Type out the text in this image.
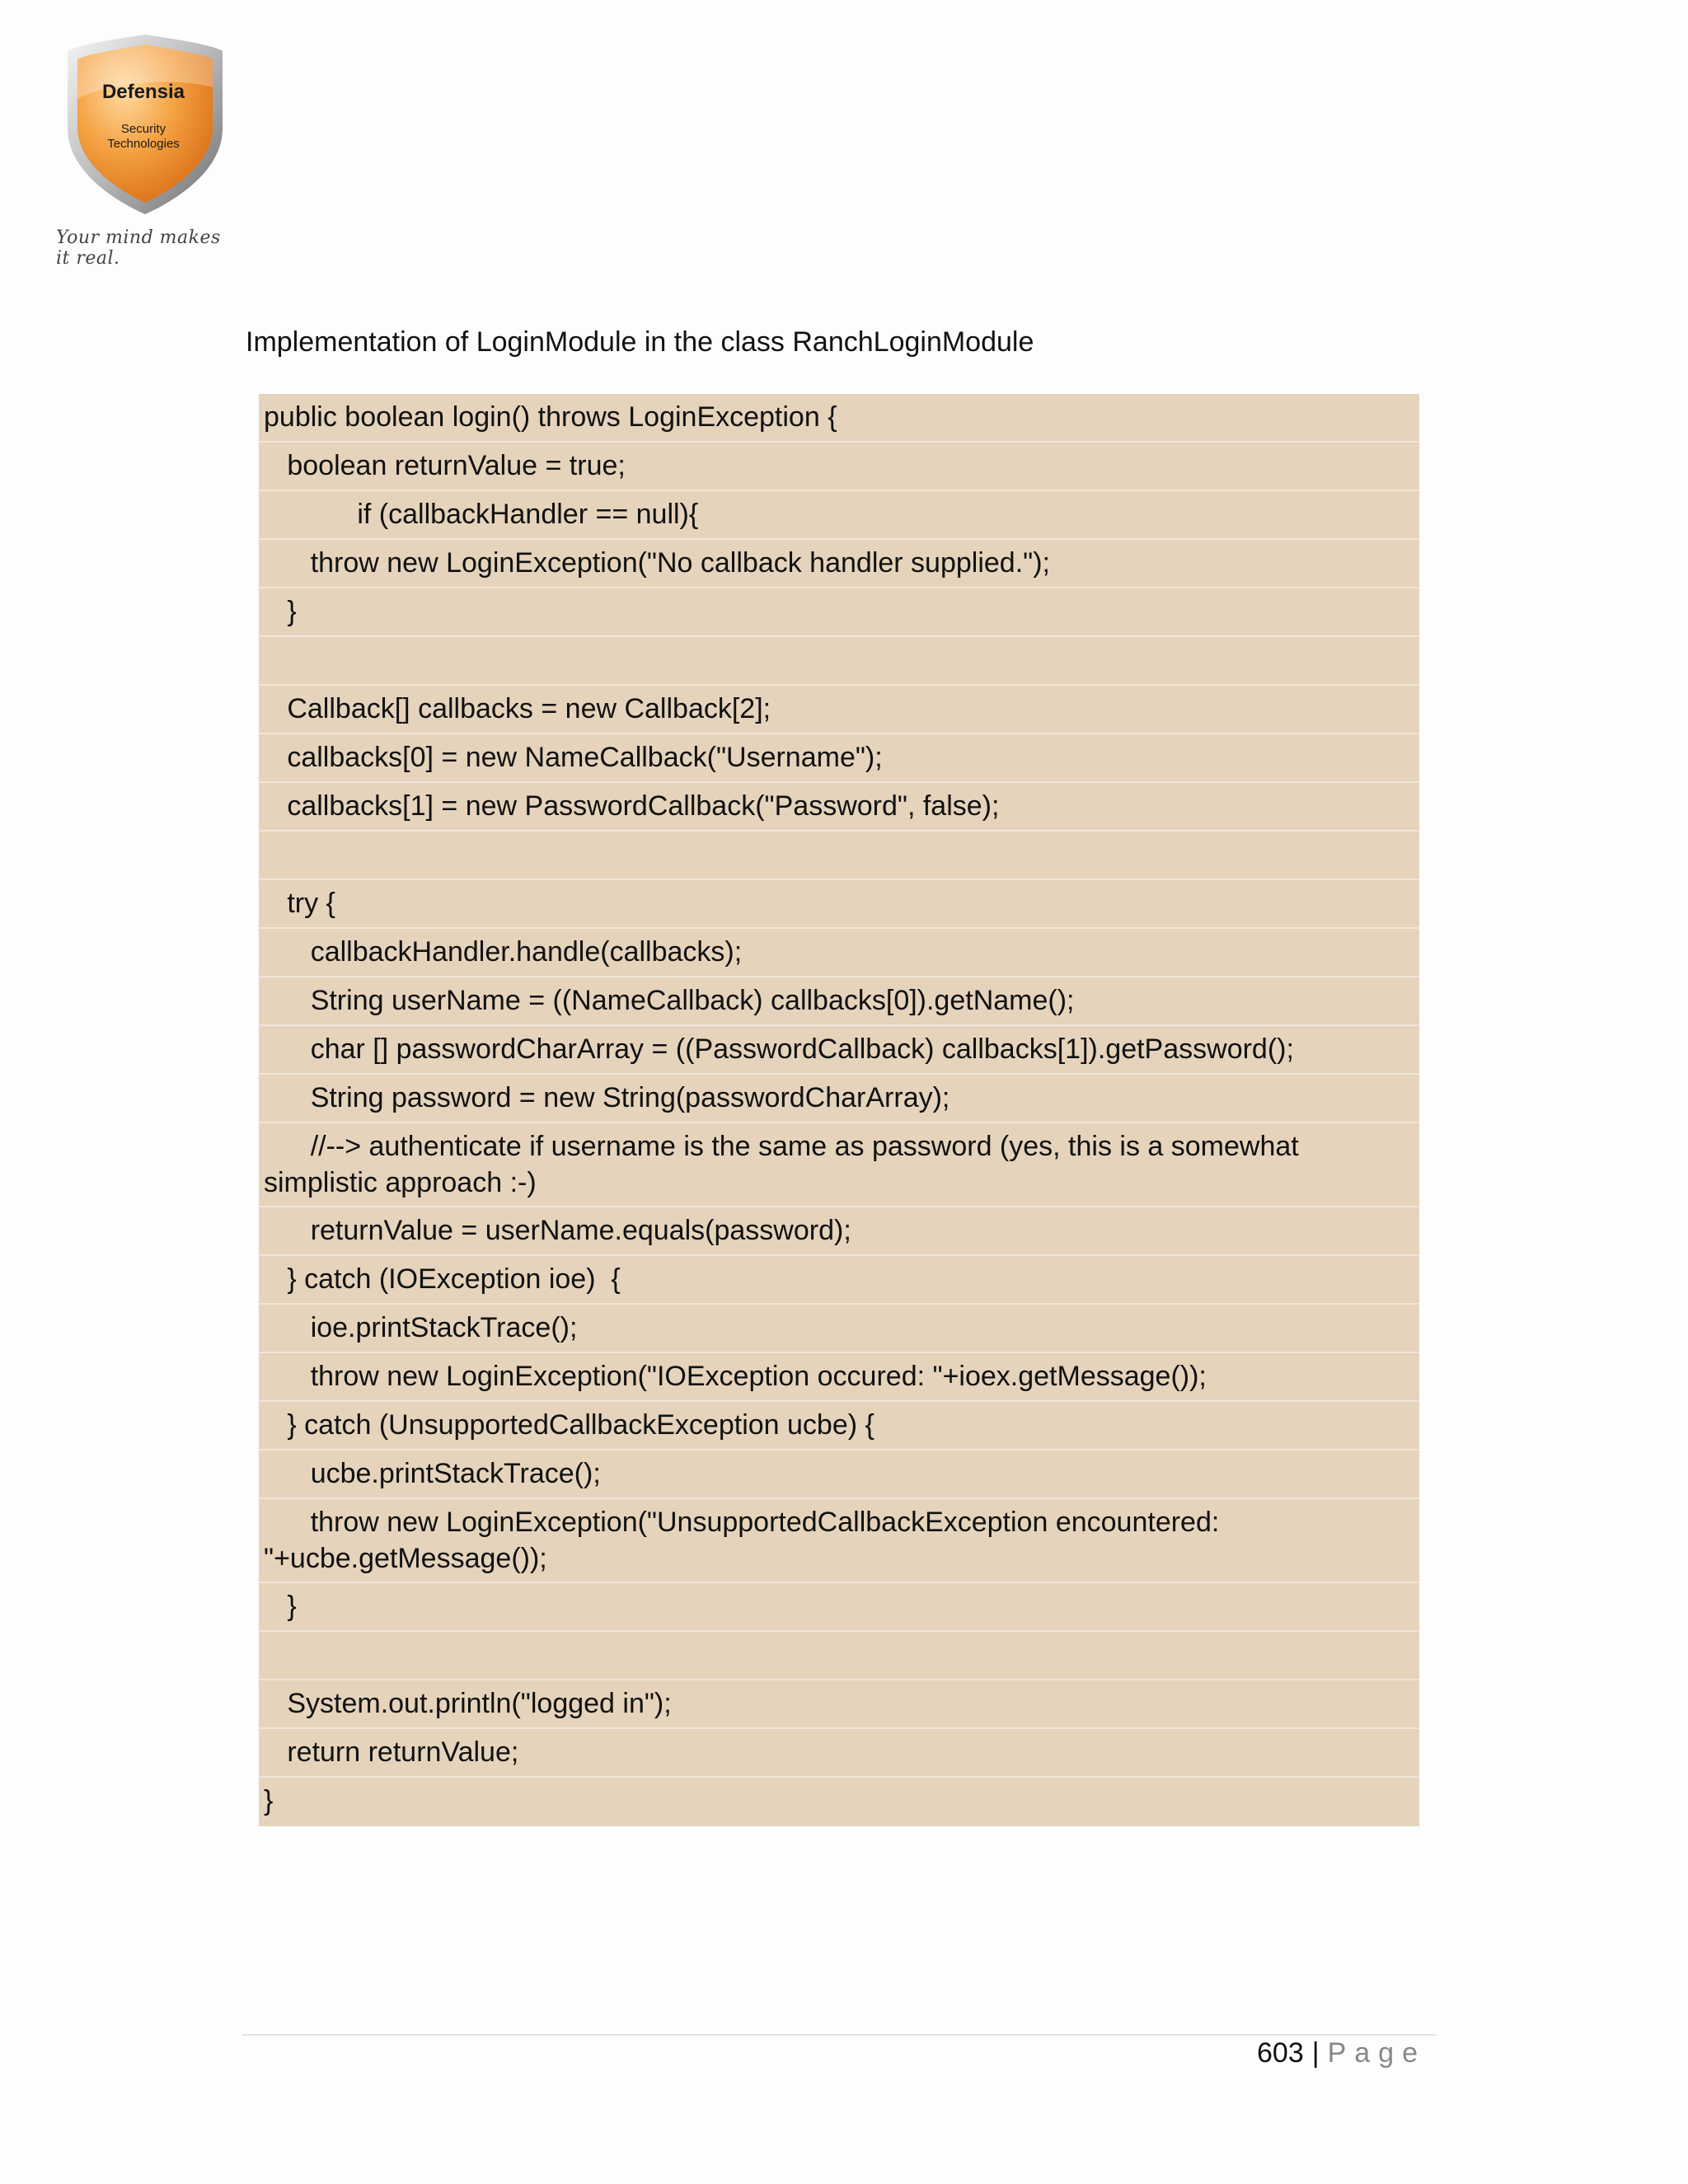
Defensia
Security
Technologies
Your mind makes it real.
Implementation of LoginModule in the class RanchLoginModule
public boolean login() throws LoginException {
boolean returnValue = true;
if (callbackHandler == null){
throw new LoginException("No callback handler supplied.");
}
Callback[] callbacks = new Callback[2];
callbacks[0] = new NameCallback("Username");
callbacks[1] = new PasswordCallback("Password", false);
try {
callbackHandler.handle(callbacks);
String userName = ((NameCallback) callbacks[0]).getName();
char [] passwordCharArray = ((PasswordCallback) callbacks[1]).getPassword();
String password = new String(passwordCharArray);
//--> authenticate if username is the same as password (yes, this is a somewhat simplistic approach :-)
returnValue = userName.equals(password);
} catch (IOException ioe)  {
ioe.printStackTrace();
throw new LoginException("IOException occured: "+ioex.getMessage());
} catch (UnsupportedCallbackException ucbe) {
ucbe.printStackTrace();
throw new LoginException("UnsupportedCallbackException encountered: "+ucbe.getMessage());
}
System.out.println("logged in");
return returnValue;
}
603 | Page
